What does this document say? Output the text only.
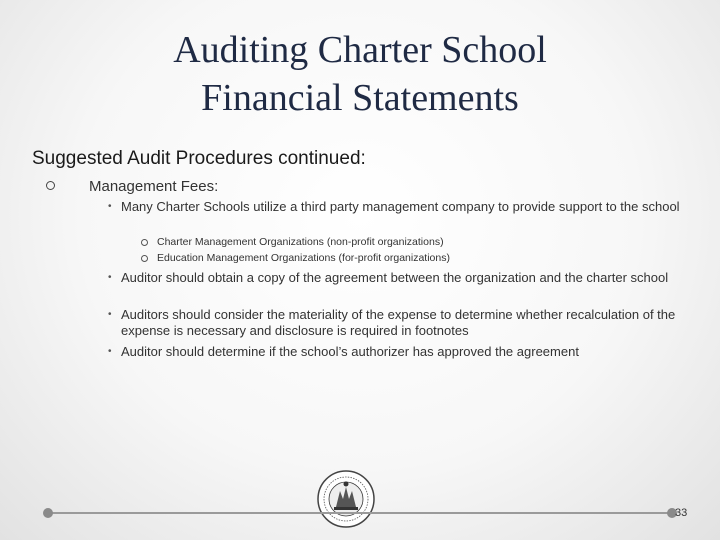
Auditing Charter School
Financial Statements
Suggested Audit Procedures continued:
Management Fees:
• Many Charter Schools utilize a third party management company to provide support to the school
Charter Management Organizations (non-profit organizations)
Education Management Organizations (for-profit organizations)
• Auditor should obtain a copy of the agreement between the organization and the charter school
• Auditors should consider the materiality of the expense to determine whether recalculation of the expense is necessary and disclosure is required in footnotes
• Auditor should determine if the school’s authorizer has approved the agreement
33
